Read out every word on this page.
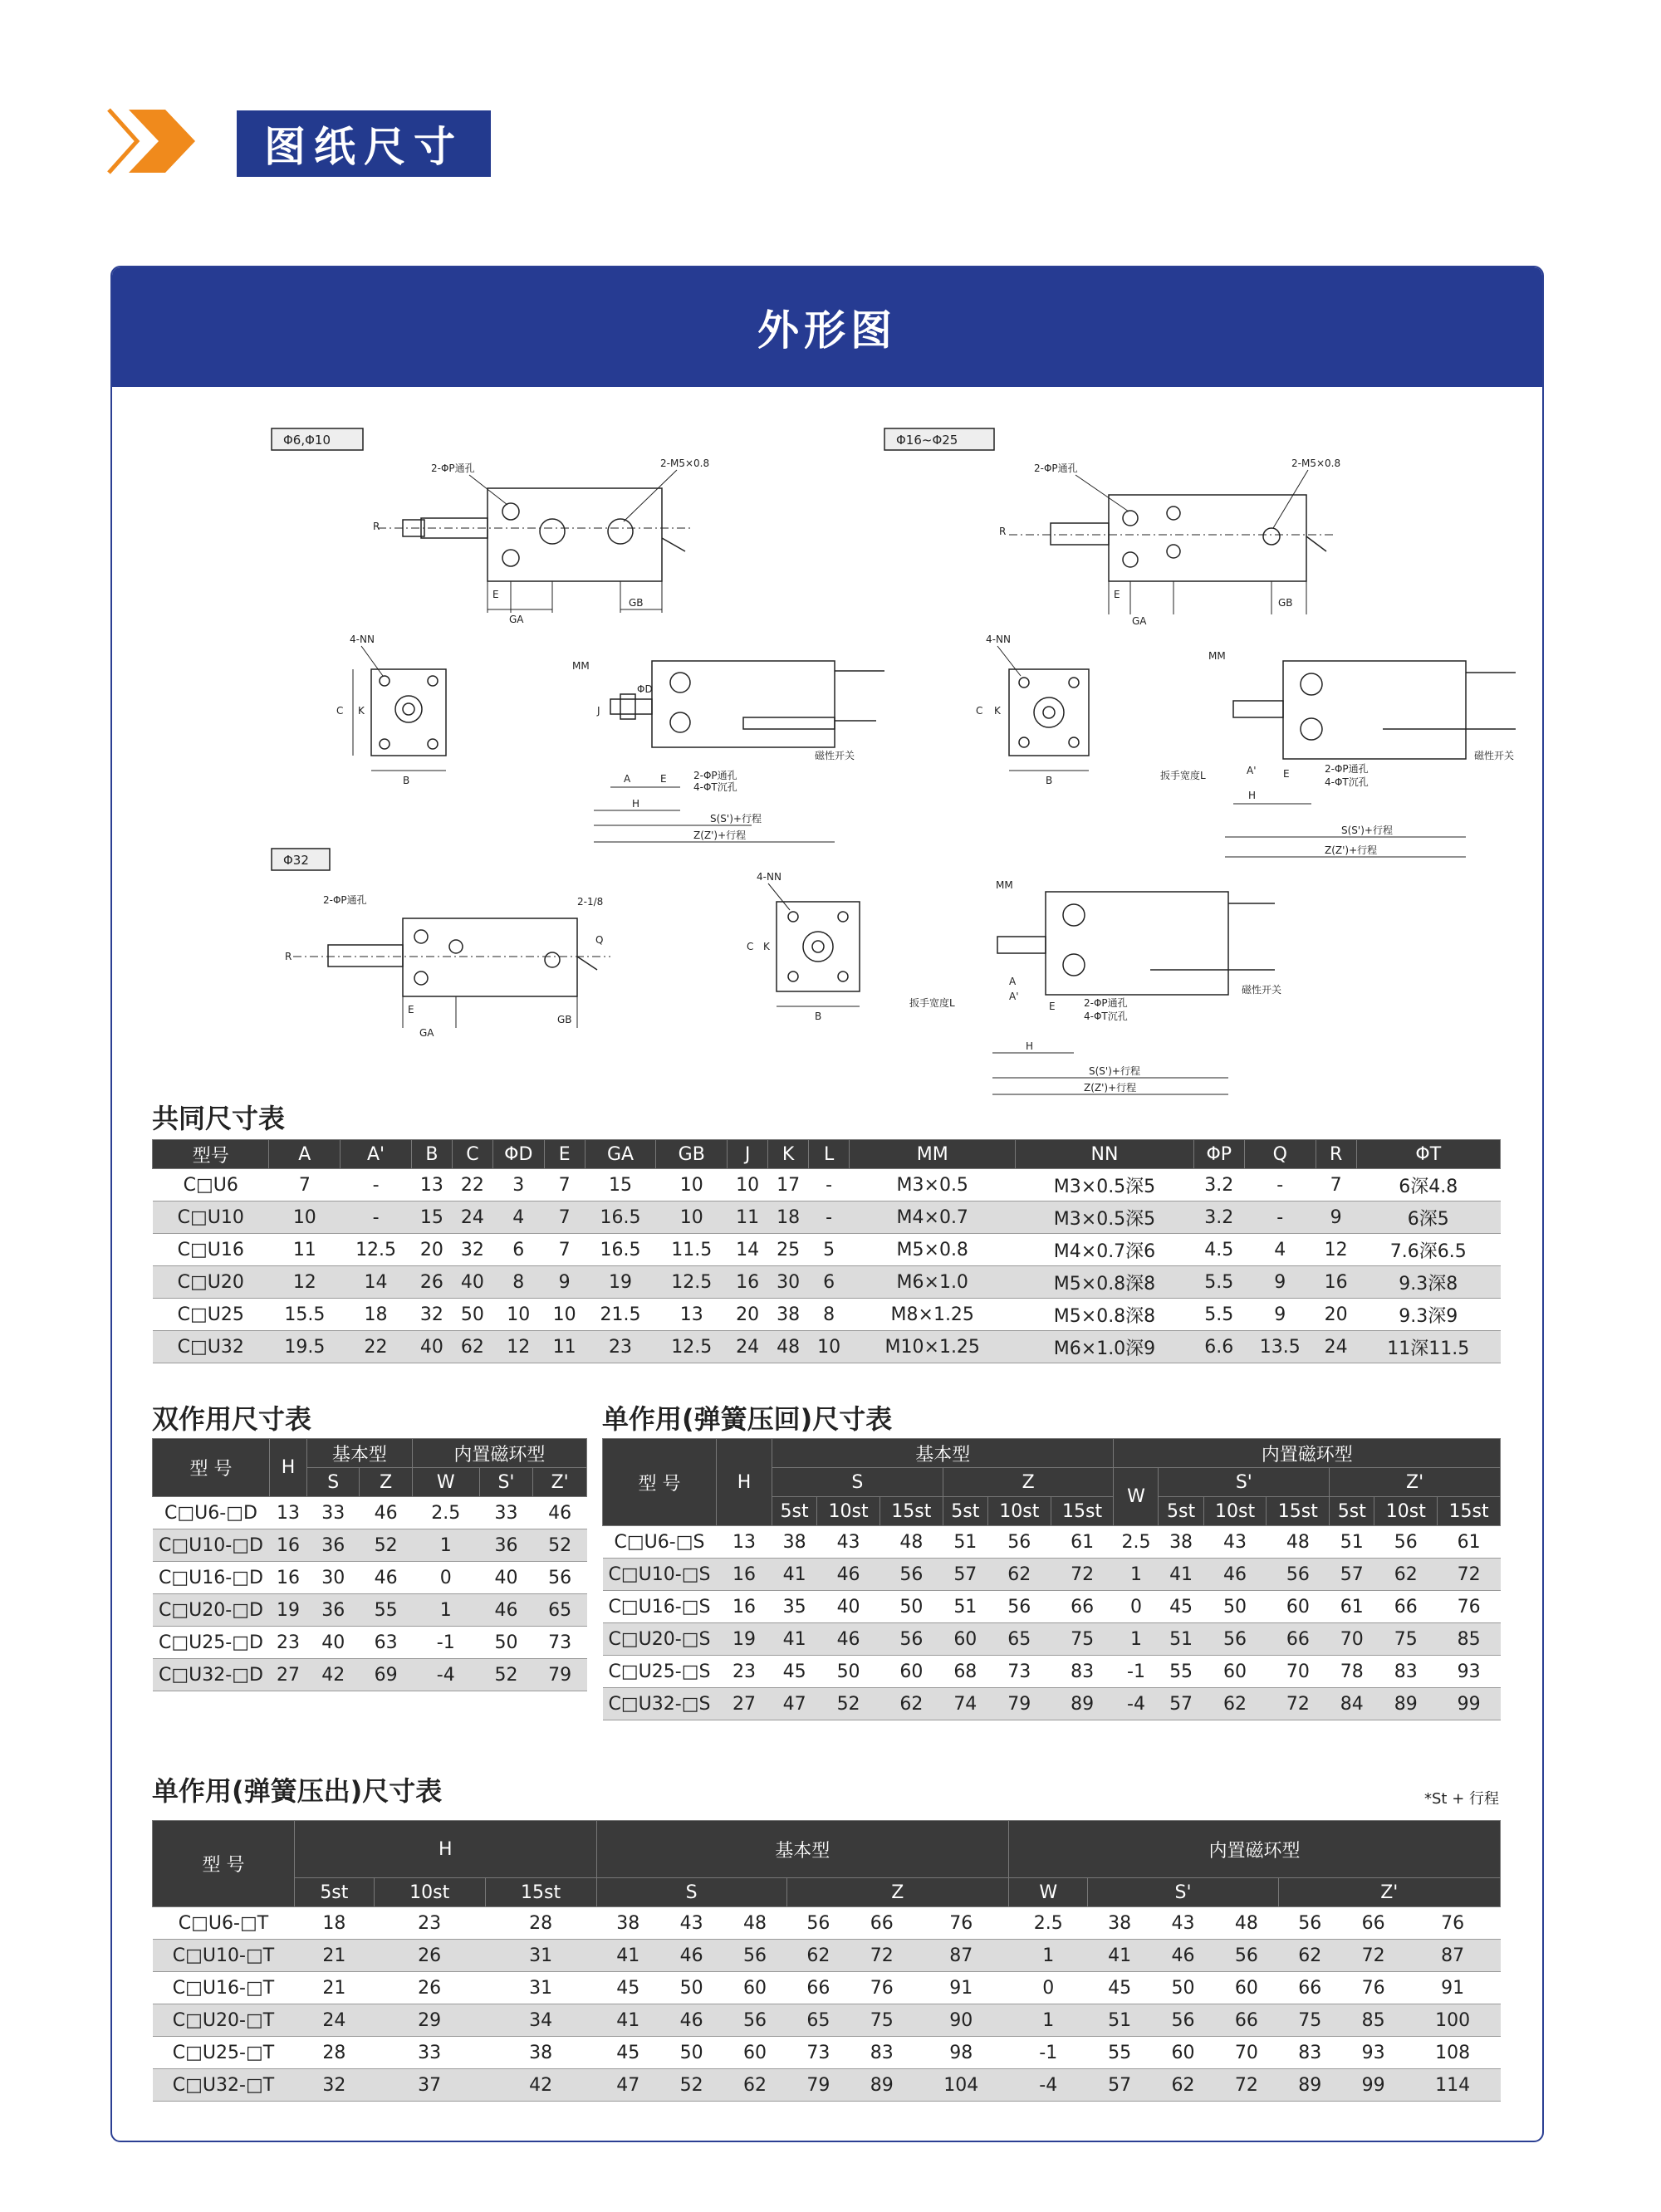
图纸尺寸
外形图
Φ6,Φ10	Φ16~Φ25
Φ32
E
GA
GB
R
2-ΦP通孔	2-M5×0.8
E
GA
GB
R
2-ΦP通孔	2-M5×0.8
B
C K
4-NN
A	E
H
2-ΦP通孔
4-ΦT沉孔
S(S')+行程
Z(Z')+行程
磁性开关
MM
J
ΦD
B
C K
4-NN
扳手宽度L
H
A'	E	2-ΦP通孔
4-ΦT沉孔
S(S')+行程
Z(Z')+行程
磁性开关
MM
E
GA
GB
R
2-ΦP通孔	2-1/8
Q
B
C K
4-NN
扳手宽度L
H
A
A'
E	2-ΦP通孔
4-ΦT沉孔
S(S')+行程
Z(Z')+行程
磁性开关
MM
共同尺寸表
型号	A	A'	B	C	ΦD	E	GA	GB	J	K	L	MM	NN	ΦP	Q	R	ΦT
C□U6	7	-	13	22	3	7	15	10	10	17	-	M3×0.5	M3×0.5深5	3.2	-	7	6深4.8
C□U10	10	-	15	24	4	7	16.5	10	11	18	-	M4×0.7	M3×0.5深5	3.2	-	9	6深5
C□U16	11	12.5	20	32	6	7	16.5	11.5	14	25	5	M5×0.8	M4×0.7深6	4.5	4	12	7.6深6.5
C□U20	12	14	26	40	8	9	19	12.5	16	30	6	M6×1.0	M5×0.8深8	5.5	9	16	9.3深8
C□U25	15.5	18	32	50	10	10	21.5	13	20	38	8	M8×1.25	M5×0.8深8	5.5	9	20	9.3深9
C□U32	19.5	22	40	62	12	11	23	12.5	24	48	10	M10×1.25	M6×1.0深9	6.6	13.5	24	11深11.5
双作用尺寸表
型 号	H	基本型		内置磁环型		
		S	Z	W	S'	Z'
C□U6-□D	13	33	46	2.5	33	46
C□U10-□D	16	36	52	1	36	52
C□U16-□D	16	30	46	0	40	56
C□U20-□D	19	36	55	1	46	65
C□U25-□D	23	40	63	-1	50	73
C□U32-□D	27	42	69	-4	52	79
单作用(弹簧压回)尺寸表
型 号	H	基本型						内置磁环型						
		S			Z			W	S'			Z'		
		5st	10st	15st	5st	10st	15st		5st	10st	15st	5st	10st	15st
C□U6-□S	13	38	43	48	51	56	61	2.5	38	43	48	51	56	61
C□U10-□S	16	41	46	56	57	62	72	1	41	46	56	57	62	72
C□U16-□S	16	35	40	50	51	56	66	0	45	50	60	61	66	76
C□U20-□S	19	41	46	56	60	65	75	1	51	56	66	70	75	85
C□U25-□S	23	45	50	60	68	73	83	-1	55	60	70	78	83	93
C□U32-□S	27	47	52	62	74	79	89	-4	57	62	72	84	89	99
单作用(弹簧压出)尺寸表	*St + 行程
型 号	H			基本型						内置磁环型						
	5st	10st	15st	S			Z			W	S'			Z'		
C□U6-□T	18	23	28	38	43	48	56	66	76	2.5	38	43	48	56	66	76
C□U10-□T	21	26	31	41	46	56	62	72	87	1	41	46	56	62	72	87
C□U16-□T	21	26	31	45	50	60	66	76	91	0	45	50	60	66	76	91
C□U20-□T	24	29	34	41	46	56	65	75	90	1	51	56	66	75	85	100
C□U25-□T	28	33	38	45	50	60	73	83	98	-1	55	60	70	83	93	108
C□U32-□T	32	37	42	47	52	62	79	89	104	-4	57	62	72	89	99	114
